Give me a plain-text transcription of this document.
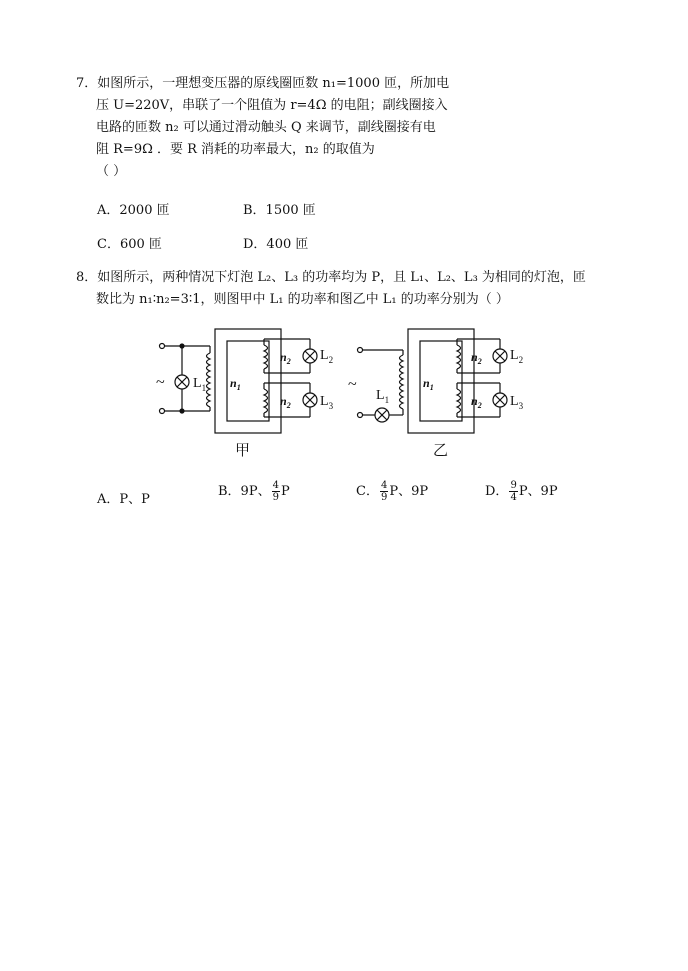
7．如图所示，一理想变压器的原线圈匝数 n₁=1000 匝，所加电
压 U=220V，串联了一个阻值为 r=4Ω 的电阻；副线圈接入
电路的匝数 n₂ 可以通过滑动触头 Q 来调节，副线圈接有电
阻 R=9Ω ．要 R 消耗的功率最大，n₂ 的取值为
（ ）
A．2000 匝	B．1500 匝
C．600 匝	D．400 匝
8．如图所示，两种情况下灯泡 L₂、L₃ 的功率均为 P，且 L₁、L₂、L₃ 为相同的灯泡，匝
数比为 n₁∶n₂=3∶1，则图甲中 L₁ 的功率和图乙中 L₁ 的功率分别为（ ）
~ $L_1$ $n_1$
$n_2$
$n_2$
$L_2$
$L_3$
甲
~
$L_1$
$n_1$
$n_2$
$n_2$
$L_2$
$L_3$
乙
A．P、P
B．9P、 $\frac{4}{9}$ P	C． $\frac{4}{9}$ P、9P	D． $\frac{9}{4}$ P、9P
